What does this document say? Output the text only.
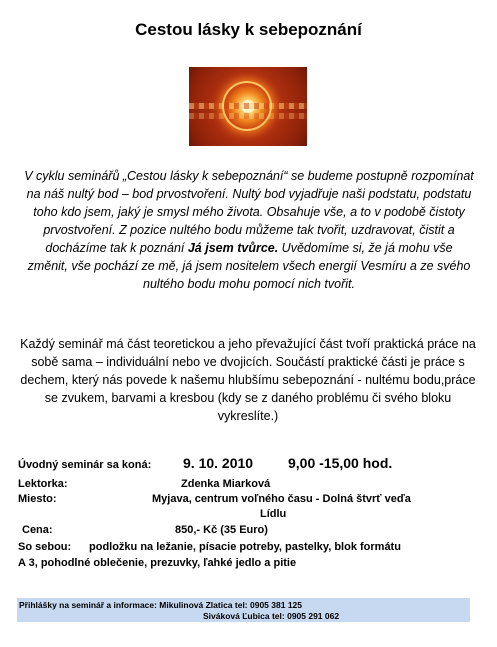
Cestou lásky k sebepoznání
V cyklu seminářů „Cestou lásky k sebepoznání“ se budeme postupně rozpomínat na náš nultý bod – bod prvostvoření. Nultý bod vyjadřuje naši podstatu, podstatu toho kdo jsem, jaký je smysl mého života. Obsahuje vše, a to v podobě čistoty prvostvoření. Z pozice nultého bodu můžeme tak tvořit, uzdravovat, čistit a docházíme tak k poznání Já jsem tvůrce. Uvědomíme si, že já mohu vše změnit, vše pochází ze mě, já jsem nositelem všech energií Vesmíru a ze svého nultého bodu mohu pomocí nich tvořit.
Každý seminář má část teoretickou a jeho převažující část tvoří praktická práce na sobě sama – individuální nebo ve dvojicích. Součástí praktické části je práce s dechem, který nás povede k našemu hlubšímu sebepoznání - nultému bodu,práce se zvukem, barvami a kresbou (kdy se z daného problému či svého bloku vykreslíte.)
Úvodný seminár sa koná: 9. 10. 2010 9,00 -15,00 hod.
Lektorka:	Zdenka Miarková
Miesto:	Myjava, centrum voľného času - Dolná štvrť veďa
Lídlu
Cena:	850,- Kč (35 Euro)
So sebou: podložku na ležanie, písacie potreby, pastelky, blok formátu
A 3, pohodlné oblečenie, prezuvky, ľahké jedlo a pitie
Přihlášky na seminář a informace: Mikulinová Zlatica tel: 0905 381 125
Siváková Ľubica tel: 0905 291 062
